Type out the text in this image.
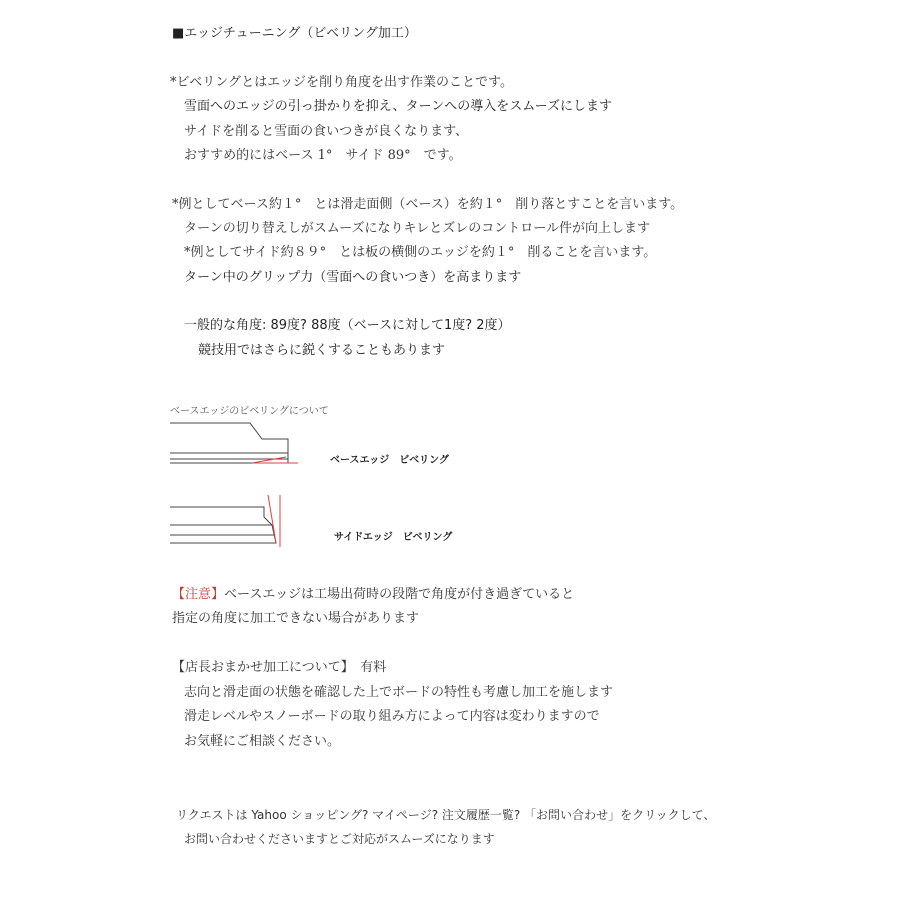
■エッジチューニング（ビベリング加工）
*ビベリングとはエッジを削り角度を出す作業のことです。
雪面へのエッジの引っ掛かりを抑え、ターンへの導入をスムーズにします
サイドを削ると雪面の食いつきが良くなります、
おすすめ的にはベース 1°　サイド 89°　です。
*例としてベース約１°　とは滑走面側（ベース）を約１°　削り落とすことを言います。
ターンの切り替えしがスムーズになりキレとズレのコントロール件が向上します
*例としてサイド約８９°　とは板の横側のエッジを約１°　削ることを言います。
ターン中のグリップ力（雪面への食いつき）を高まります
一般的な角度: 89度? 88度（ベースに対して1度? 2度）
競技用ではさらに鋭くすることもあります
ベースエッジのビベリングについて
ベースエッジ　ビベリング
サイドエッジ　ビベリング
【注意】ベースエッジは工場出荷時の段階で角度が付き過ぎていると
指定の角度に加工できない場合があります
【店長おまかせ加工について】　有料
志向と滑走面の状態を確認した上でボードの特性も考慮し加工を施します
滑走レベルやスノーボードの取り組み方によって内容は変わりますので
お気軽にご相談ください。
リクエストは Yahoo ショッピング? マイページ? 注文履歴一覧? 「お問い合わせ」をクリックして、
お問い合わせくださいますとご対応がスムーズになります
